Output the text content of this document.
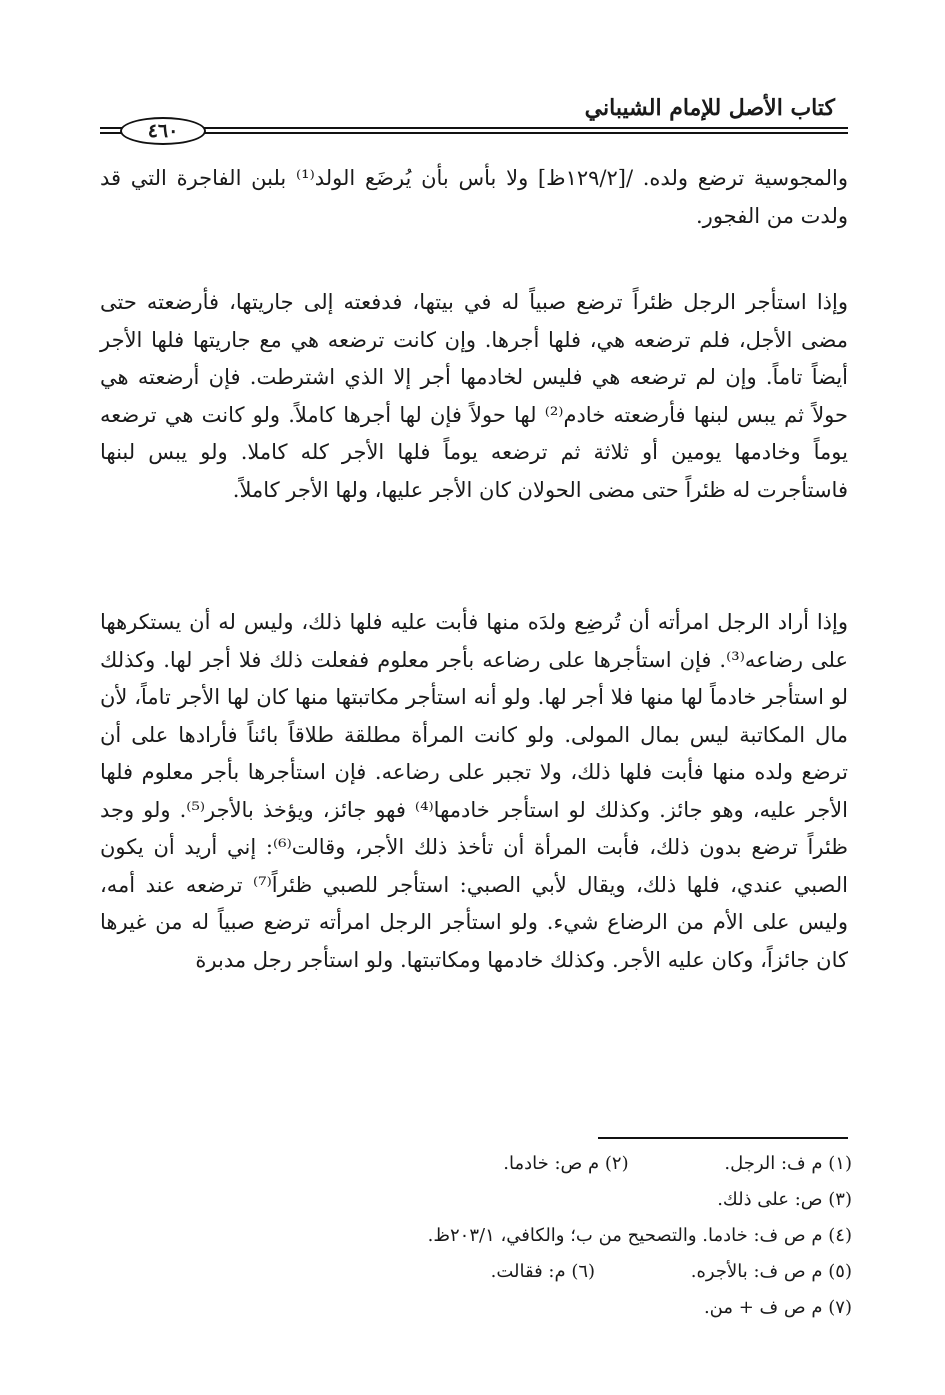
كتاب الأصل للإمام الشيباني
٤٦٠

والمجوسية ترضع ولده. /[١٢٩/٢ظ] ولا بأس بأن يُرضَع الولد⁽¹⁾ بلبن الفاجرة التي قد ولدت من الفجور.

وإذا استأجر الرجل ظئراً ترضع صبياً له في بيتها، فدفعته إلى جاريتها، فأرضعته حتى مضى الأجل، فلم ترضعه هي، فلها أجرها. وإن كانت ترضعه هي مع جاريتها فلها الأجر أيضاً تاماً. وإن لم ترضعه هي فليس لخادمها أجر إلا الذي اشترطت. فإن أرضعته هي حولاً ثم يبس لبنها فأرضعته خادم⁽²⁾ لها حولاً فإن لها أجرها كاملاً. ولو كانت هي ترضعه يوماً وخادمها يومين أو ثلاثة ثم ترضعه يوماً فلها الأجر كله كاملا. ولو يبس لبنها فاستأجرت له ظئراً حتى مضى الحولان كان الأجر عليها، ولها الأجر كاملاً.

وإذا أراد الرجل امرأته أن تُرضِع ولدَه منها فأبت عليه فلها ذلك، وليس له أن يستكرهها على رضاعه⁽³⁾. فإن استأجرها على رضاعه بأجر معلوم ففعلت ذلك فلا أجر لها. وكذلك لو استأجر خادماً لها منها فلا أجر لها. ولو أنه استأجر مكاتبتها منها كان لها الأجر تاماً، لأن مال المكاتبة ليس بمال المولى. ولو كانت المرأة مطلقة طلاقاً بائناً فأرادها على أن ترضع ولده منها فأبت فلها ذلك، ولا تجبر على رضاعه. فإن استأجرها بأجر معلوم فلها الأجر عليه، وهو جائز. وكذلك لو استأجر خادمها⁽⁴⁾ فهو جائز، ويؤخذ بالأجر⁽⁵⁾. ولو وجد ظئراً ترضع بدون ذلك، فأبت المرأة أن تأخذ ذلك الأجر، وقالت⁽⁶⁾: إني أريد أن يكون الصبي عندي، فلها ذلك، ويقال لأبي الصبي: استأجر للصبي ظئراً⁽⁷⁾ ترضعه عند أمه، وليس على الأم من الرضاع شيء. ولو استأجر الرجل امرأته ترضع صبياً له من غيرها كان جائزاً، وكان عليه الأجر. وكذلك خادمها ومكاتبتها. ولو استأجر رجل مدبرة

(١) م ف: الرجل. (٢) م ص: خادما.
(٣) ص: على ذلك.
(٤) م ص ف: خادما. والتصحيح من ب؛ والكافي، ٢٠٣/١ظ.
(٥) م ص ف: بالأجره. (٦) م: فقالت.
(٧) م ص ف + من.
